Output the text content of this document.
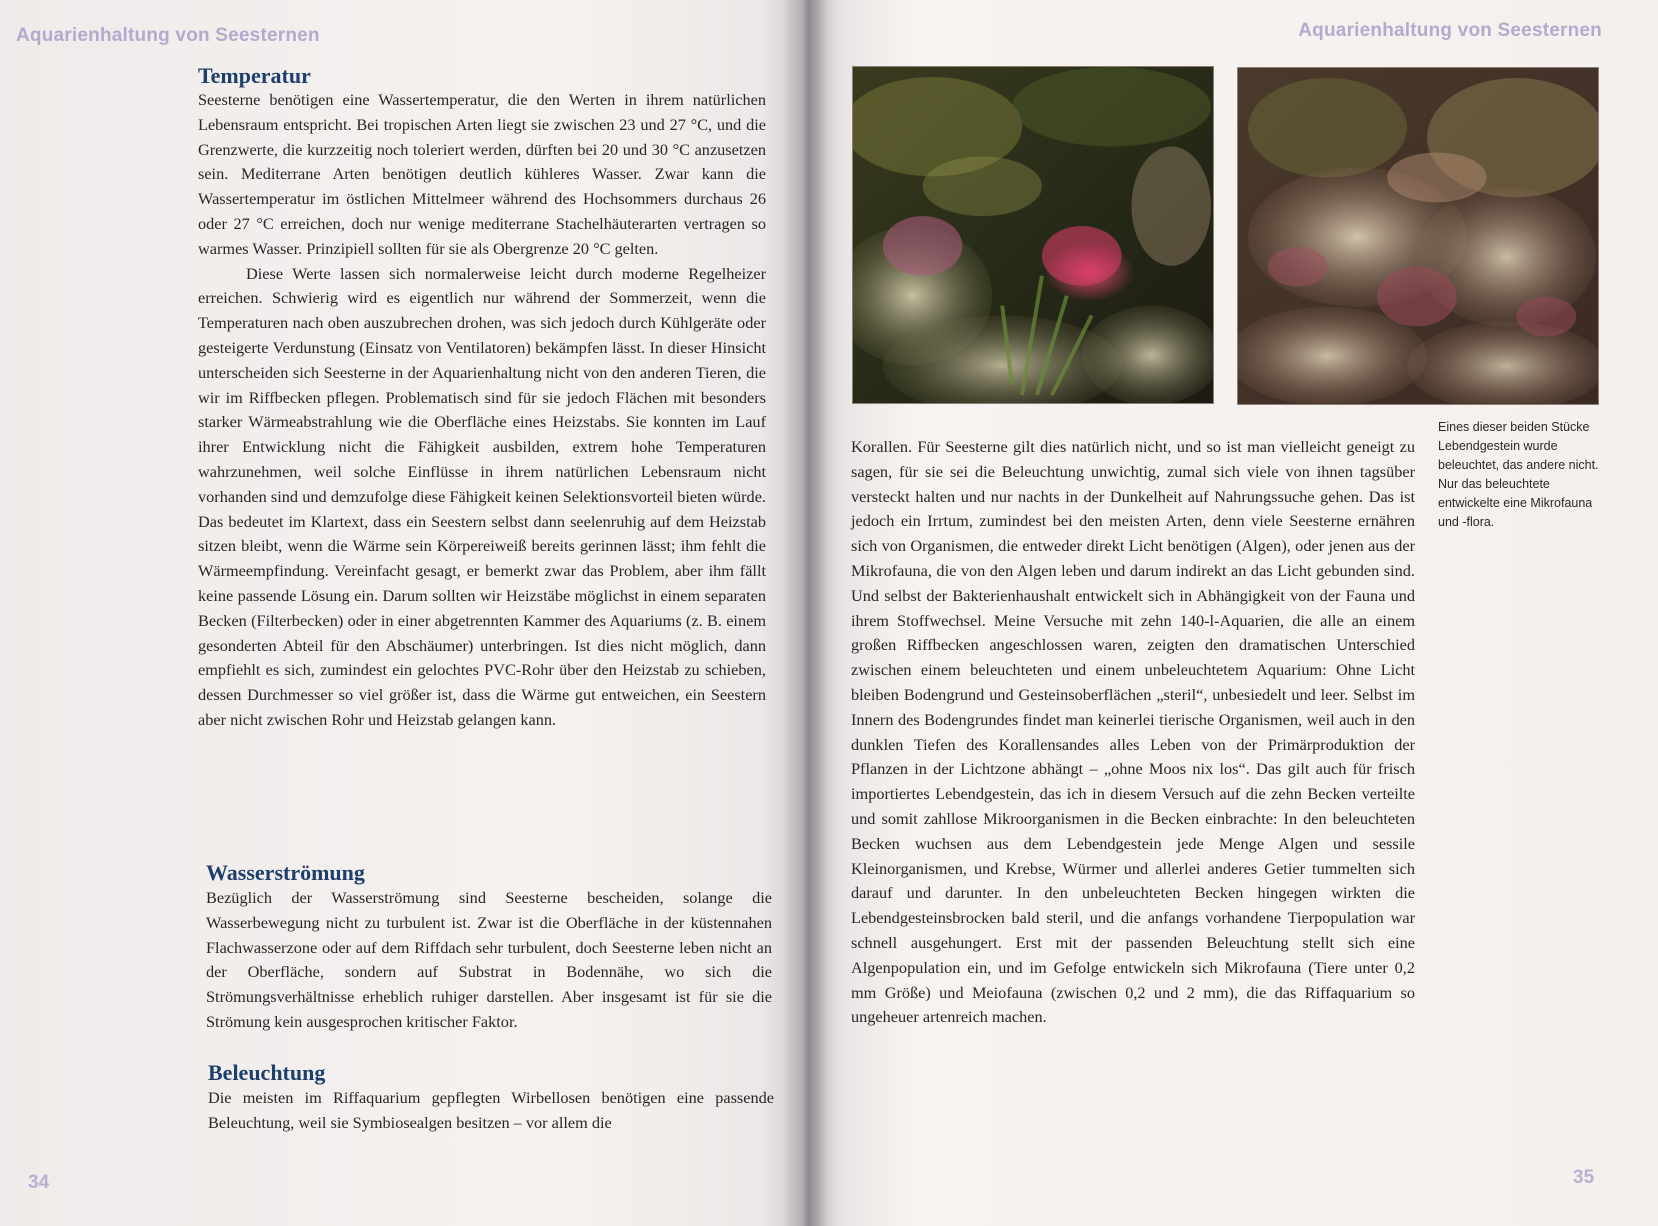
Aquarienhaltung von Seesternen	Aquarienhaltung von Seesternen
Temperatur

Seesterne benötigen eine Wassertemperatur, die den Werten in ihrem natürlichen Lebensraum entspricht. Bei tropischen Arten liegt sie zwischen 23 und 27 °C, und die Grenzwerte, die kurzzeitig noch toleriert werden, dürften bei 20 und 30 °C anzusetzen sein. Mediterrane Arten benötigen deutlich kühleres Wasser. Zwar kann die Wassertemperatur im östlichen Mittelmeer während des Hochsommers durchaus 26 oder 27 °C erreichen, doch nur wenige mediterrane Stachelhäuterarten vertragen so warmes Wasser. Prinzipiell sollten für sie als Obergrenze 20 °C gelten.

Diese Werte lassen sich normalerweise leicht durch moderne Regelheizer erreichen. Schwierig wird es eigentlich nur während der Sommerzeit, wenn die Temperaturen nach oben auszubrechen drohen, was sich jedoch durch Kühlgeräte oder gesteigerte Verdunstung (Einsatz von Ventilatoren) bekämpfen lässt. In dieser Hinsicht unterscheiden sich Seesterne in der Aquarienhaltung nicht von den anderen Tieren, die wir im Riffbecken pflegen. Problematisch sind für sie jedoch Flächen mit besonders starker Wärmeabstrahlung wie die Oberfläche eines Heizstabs. Sie konnten im Lauf ihrer Entwicklung nicht die Fähigkeit ausbilden, extrem hohe Temperaturen wahrzunehmen, weil solche Einflüsse in ihrem natürlichen Lebensraum nicht vorhanden sind und demzufolge diese Fähigkeit keinen Selektionsvorteil bieten würde. Das bedeutet im Klartext, dass ein Seestern selbst dann seelenruhig auf dem Heizstab sitzen bleibt, wenn die Wärme sein Körpereiweiß bereits gerinnen lässt; ihm fehlt die Wärmeempfindung. Vereinfacht gesagt, er bemerkt zwar das Problem, aber ihm fällt keine passende Lösung ein. Darum sollten wir Heizstäbe möglichst in einem separaten Becken (Filterbecken) oder in einer abgetrennten Kammer des Aquariums (z. B. einem gesonderten Abteil für den Abschäumer) unterbringen. Ist dies nicht möglich, dann empfiehlt es sich, zumindest ein gelochtes PVC-Rohr über den Heizstab zu schieben, dessen Durchmesser so viel größer ist, dass die Wärme gut entweichen, ein Seestern aber nicht zwischen Rohr und Heizstab gelangen kann.

Wasserströmung

Bezüglich der Wasserströmung sind Seesterne bescheiden, solange die Wasserbewegung nicht zu turbulent ist. Zwar ist die Oberfläche in der küstennahen Flachwasserzone oder auf dem Riffdach sehr turbulent, doch Seesterne leben nicht an der Oberfläche, sondern auf Substrat in Bodennähe, wo sich die Strömungsverhältnisse erheblich ruhiger darstellen. Aber insgesamt ist für sie die Strömung kein ausgesprochen kritischer Faktor.

Beleuchtung

Die meisten im Riffaquarium gepflegten Wirbellosen benötigen eine passende Beleuchtung, weil sie Symbiosealgen besitzen – vor allem die

Korallen. Für Seesterne gilt dies natürlich nicht, und so ist man vielleicht geneigt zu sagen, für sie sei die Beleuchtung unwichtig, zumal sich viele von ihnen tagsüber versteckt halten und nur nachts in der Dunkelheit auf Nahrungssuche gehen. Das ist jedoch ein Irrtum, zumindest bei den meisten Arten, denn viele Seesterne ernähren sich von Organismen, die entweder direkt Licht benötigen (Algen), oder jenen aus der Mikrofauna, die von den Algen leben und darum indirekt an das Licht gebunden sind. Und selbst der Bakterienhaushalt entwickelt sich in Abhängigkeit von der Fauna und ihrem Stoffwechsel. Meine Versuche mit zehn 140-l-Aquarien, die alle an einem großen Riffbecken angeschlossen waren, zeigten den dramatischen Unterschied zwischen einem beleuchteten und einem unbeleuchtetem Aquarium: Ohne Licht bleiben Bodengrund und Gesteinsoberflächen „steril“, unbesiedelt und leer. Selbst im Innern des Bodengrundes findet man keinerlei tierische Organismen, weil auch in den dunklen Tiefen des Korallensandes alles Leben von der Primärproduktion der Pflanzen in der Lichtzone abhängt – „ohne Moos nix los“. Das gilt auch für frisch importiertes Lebendgestein, das ich in diesem Versuch auf die zehn Becken verteilte und somit zahllose Mikroorganismen in die Becken einbrachte: In den beleuchteten Becken wuchsen aus dem Lebendgestein jede Menge Algen und sessile Kleinorganismen, und Krebse, Würmer und allerlei anderes Getier tummelten sich darauf und darunter. In den unbeleuchteten Becken hingegen wirkten die Lebendgesteinsbrocken bald steril, und die anfangs vorhandene Tierpopulation war schnell ausgehungert. Erst mit der passenden Beleuchtung stellt sich eine Algenpopulation ein, und im Gefolge entwickeln sich Mikrofauna (Tiere unter 0,2 mm Größe) und Meiofauna (zwischen 0,2 und 2 mm), die das Riffaquarium so ungeheuer artenreich machen.

Eines dieser beiden Stücke Lebendgestein wurde beleuchtet, das andere nicht. Nur das beleuchtete entwickelte eine Mikrofauna und -flora.
34	35
